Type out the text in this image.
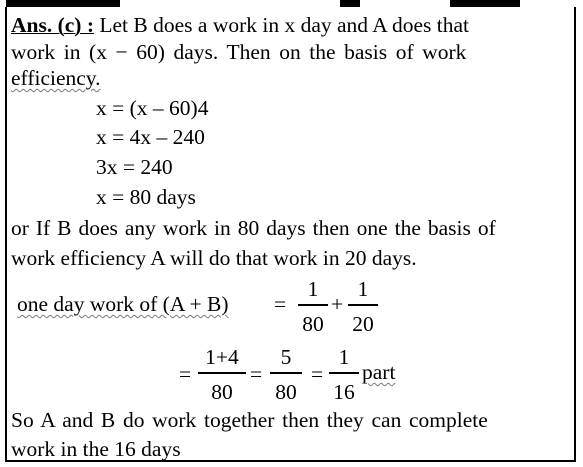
Ans. (c) : Let B does a work in x day and A does that
work in (x − 60) days. Then on the basis of work
efficiency.
x = (x – 60)4
x = 4x – 240
3x = 240
x = 80 days
or If B does any work in 80 days then one the basis of
work efficiency A will do that work in 20 days.
one day work of (A + B) =
1
80
+
1
20
=
1+4
80
=
5
80
=
1
16
part
So A and B do work together then they can complete
work in the 16 days
